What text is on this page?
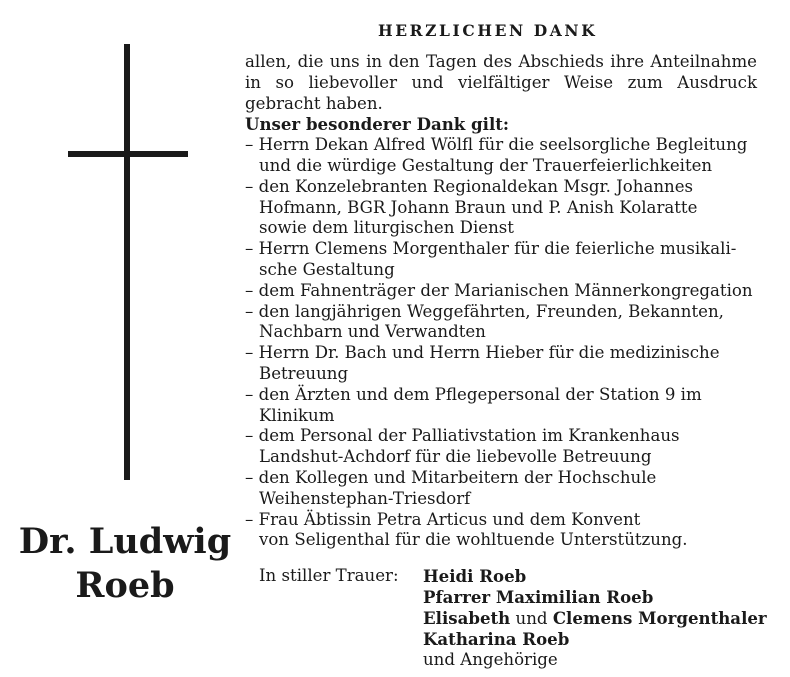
Dr. Ludwig
Roeb
HERZLICHEN DANK
allen, die uns in den Tagen des Abschieds ihre Anteilnahme in so liebevoller und vielfältiger Weise zum Ausdruck gebracht haben.
Unser besonderer Dank gilt:
– Herrn Dekan Alfred Wölfl für die seelsorgliche Begleitung
und die würdige Gestaltung der Trauerfeierlichkeiten
– den Konzelebranten Regionaldekan Msgr. Johannes
Hofmann, BGR Johann Braun und P. Anish Kolaratte
sowie dem liturgischen Dienst
– Herrn Clemens Morgenthaler für die feierliche musikali-
sche Gestaltung
– dem Fahnenträger der Marianischen Männerkongregation
– den langjährigen Weggefährten, Freunden, Bekannten,
Nachbarn und Verwandten
– Herrn Dr. Bach und Herrn Hieber für die medizinische
Betreuung
– den Ärzten und dem Pflegepersonal der Station 9 im
Klinikum
– dem Personal der Palliativstation im Krankenhaus
Landshut-Achdorf für die liebevolle Betreuung
– den Kollegen und Mitarbeitern der Hochschule
Weihenstephan-Triesdorf
– Frau Äbtissin Petra Articus und dem Konvent
von Seligenthal für die wohltuende Unterstützung.
In stiller Trauer: Heidi Roeb
Pfarrer Maximilian Roeb
Elisabeth und Clemens Morgenthaler
Katharina Roeb
und Angehörige
